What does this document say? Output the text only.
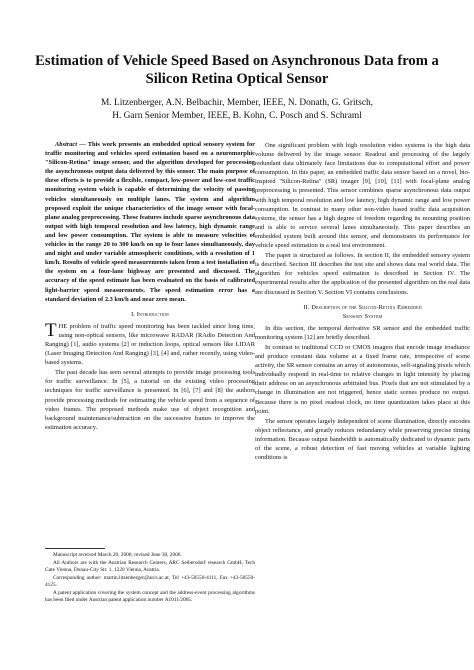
Estimation of Vehicle Speed Based on Asynchronous Data from a Silicon Retina Optical Sensor
M. Litzenberger, A.N. Belbachir, Member, IEEE, N. Donath, G. Gritsch,
H. Garn Senior Member, IEEE, B. Kohn, C. Posch and S. Schraml

Abstract — This work presents an embedded optical sensory system for traffic monitoring and vehicles speed estimation based on a neuromorphic "Silicon-Retina" image sensor, and the algorithm developed for processing the asynchronous output data delivered by this sensor. The main purpose of these efforts is to provide a flexible, compact, low-power and low-cost traffic monitoring system which is capable of determining the velocity of passing vehicles simultaneously on multiple lanes. The system and algorithm proposed exploit the unique characteristics of the image sensor with focal-plane analog preprocessing. These features include sparse asynchronous data output with high temporal resolution and low latency, high dynamic range and low power consumption. The system is able to measure velocities of vehicles in the range 20 to 300 km/h on up to four lanes simultaneously, day and night and under variable atmospheric conditions, with a resolution of 1 km/h. Results of vehicle speed measurements taken from a test installation of the system on a four-lane highway are presented and discussed. The accuracy of the speed estimate has been evaluated on the basis of calibrated light-barrier speed measurements. The speed estimation error has a standard deviation of 2.3 km/h and near zero mean.

I. Introduction

THE problem of traffic speed monitoring has been tackled since long time, using non-optical sensors, like microwave RADAR (RAdio Detection And Ranging) [1], audio systems [2] or induction loops, optical sensors like LIDAR (Laser Imaging Detection And Ranging) [3], [4] and, rather recently, using video-based systems.

The past decade has seen several attempts to provide image processing tools for traffic surveillance. In [5], a tutorial on the existing video processing techniques for traffic surveillance is presented. In [6], [7] and [8] the authors provide processing methods for estimating the vehicle speed from a sequence of video frames. The proposed methods make use of object recognition and background maintenance/subtraction on the successive frames to improve the estimation accuracy.

Manuscript received March 20, 2006; revised June 30, 2006.

All Authors are with the Austrian Research Centers, ARC Seibersdorf research GmbH, Tech Gate Vienna, Donau-City Str. 1, 1220 Vienna, Austria.

Corresponding author: martin.litzenberger@arcs.ac.at, Tel +43-50550-4111, Fax +43-50550-4125.

A patent application covering the system concept and the address-event processing algorithms has been filed under Austrian patent application number A1011/2005.

One significant problem with high resolution video systems is the high data volume delivered by the image sensor. Readout and processing of the largely redundant data ultimately face limitations due to computational effort and power consumption. In this paper, an embedded traffic data sensor based on a novel, bio-inspired "Silicon-Retina" (SR) imager [9], [10], [11] with focal-plane analog preprocessing is presented. This sensor combines sparse asynchronous data output with high temporal resolution and low latency, high dynamic range and low power consumption. In contrast to many other non-video based traffic data acquisition systems, the sensor has a high degree of freedom regarding its mounting position and is able to service several lanes simultaneously. This paper describes an embedded system built around this sensor, and demonstrates its performance for vehicle speed estimation in a real test environment.

The paper is structured as follows. In section II, the embedded sensory system is described. Section III describes the test site and shows data real world data. The algorithm for vehicles speed estimation is described in Section IV. The experimental results after the application of the presented algorithm on the real data are discussed in Section V. Section VI contains conclusions.

II. Description of the Silicon-Retina Embedded
Sensory System

In this section, the temporal derivative SR sensor and the embedded traffic monitoring system [12] are briefly described.

In contrast to traditional CCD or CMOS imagers that encode image irradiance and produce constant data volume at a fixed frame rate, irrespective of scene activity, the SR sensor contains an array of autonomous, self-signaling pixels which individually respond in real-time to relative changes in light intensity by placing their address on an asynchronous arbitrated bus. Pixels that are not stimulated by a change in illumination are not triggered, hence static scenes produce no output. Because there is no pixel readout clock, no time quantization takes place at this point.

The sensor operates largely independent of scene illumination, directly encodes object reflectance, and greatly reduces redundancy while preserving precise timing information. Because output bandwidth is automatically dedicated to dynamic parts of the scene, a robust detection of fast moving vehicles at variable lighting conditions is
